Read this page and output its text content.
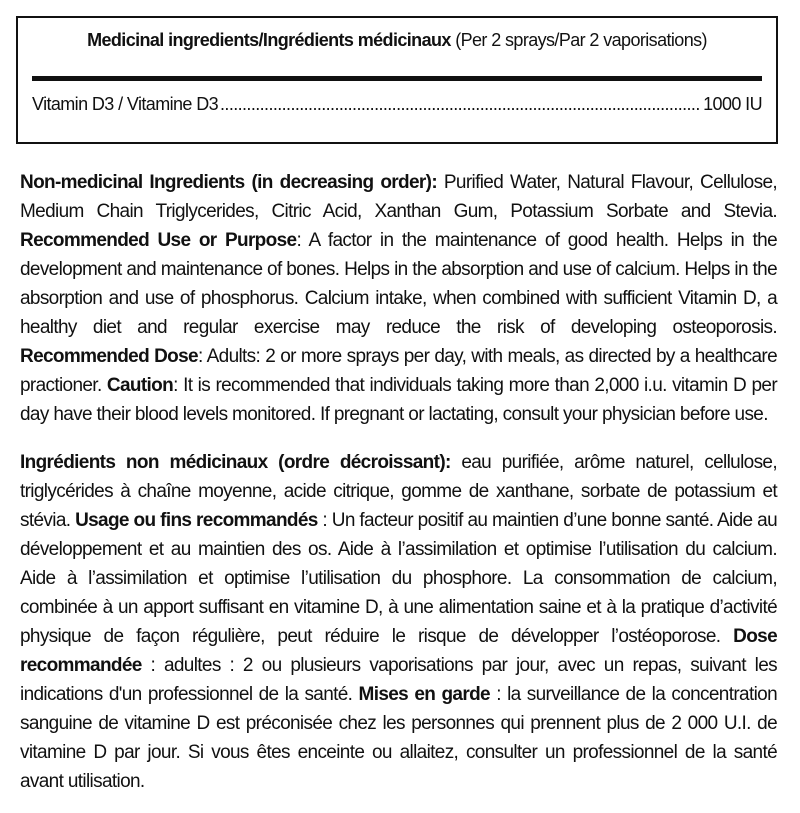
Medicinal ingredients/Ingrédients médicinaux (Per 2 sprays/Par 2 vaporisations)
Vitamin D3 / Vitamine D3
.....	1000 IU
Non-medicinal Ingredients (in decreasing order): Purified Water, Natural Flavour, Cellulose, Medium Chain Triglycerides, Citric Acid, Xanthan Gum, Potassium Sorbate and Stevia. Recommended Use or Purpose: A factor in the maintenance of good health. Helps in the development and maintenance of bones. Helps in the absorption and use of calcium. Helps in the absorption and use of phosphorus. Calcium intake, when combined with sufficient Vitamin D, a healthy diet and regular exercise may reduce the risk of developing osteoporosis. Recommended Dose: Adults: 2 or more sprays per day, with meals, as directed by a healthcare practioner. Caution: It is recommended that individuals taking more than 2,000 i.u. vitamin D per day have their blood levels monitored. If pregnant or lactating, consult your physician before use.
Ingrédients non médicinaux (ordre décroissant): eau purifiée, arôme naturel, cellulose, triglycérides à chaîne moyenne, acide citrique, gomme de xanthane, sorbate de potassium et stévia. Usage ou fins recommandés : Un facteur positif au maintien d’une bonne santé. Aide au développement et au maintien des os. Aide à l’assimilation et optimise l’utilisation du calcium. Aide à l’assimilation et optimise l’utilisation du phosphore. La consommation de calcium, combinée à un apport suffisant en vitamine D, à une alimentation saine et à la pratique d’activité physique de façon régulière, peut réduire le risque de développer l’ostéoporose. Dose recommandée : adultes : 2 ou plusieurs vaporisations par jour, avec un repas, suivant les indications d'un professionnel de la santé. Mises en garde : la surveillance de la concentration sanguine de vitamine D est préconisée chez les personnes qui prennent plus de 2 000 U.I. de vitamine D par jour. Si vous êtes enceinte ou allaitez, consulter un professionnel de la santé avant utilisation.
